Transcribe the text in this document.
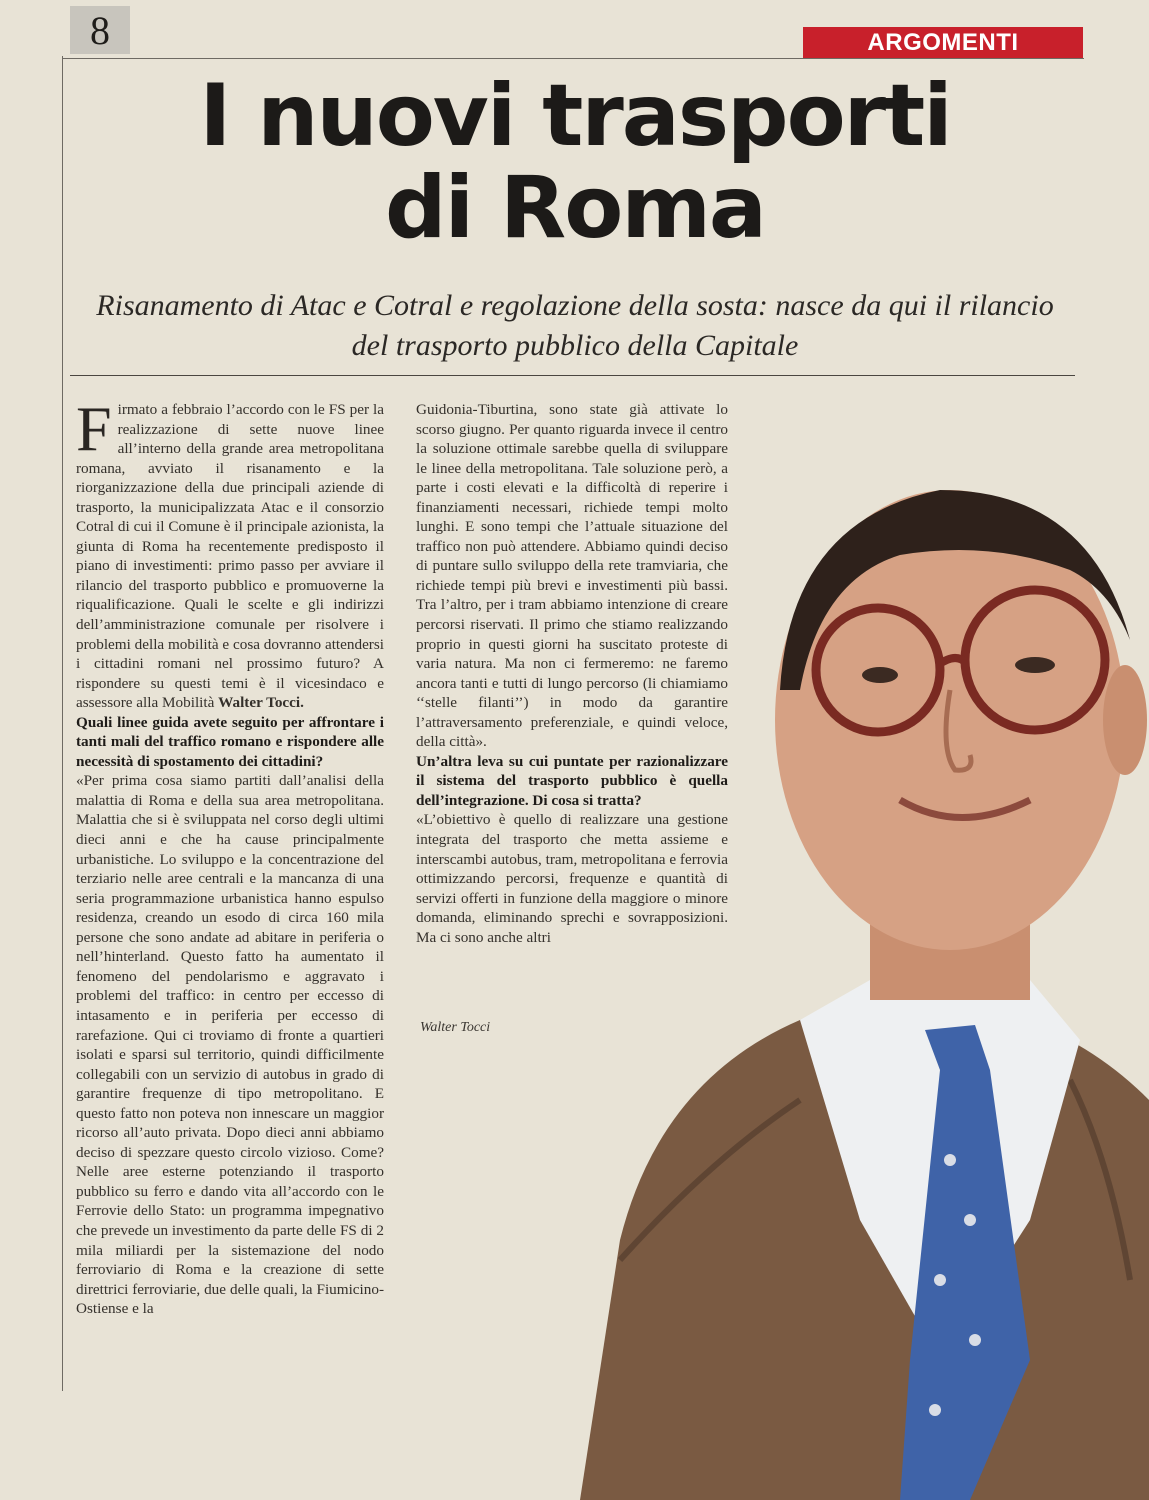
8	ARGOMENTI
I nuovi trasporti
di Roma
Risanamento di Atac e Cotral e regolazione della sosta: nasce da qui il rilancio
del trasporto pubblico della Capitale

Firmato a febbraio l’accordo con le FS per la realizzazione di sette nuove linee all’interno della grande area metropolitana romana, avviato il risanamento e la riorganizzazione della due principali aziende di trasporto, la municipalizzata Atac e il consorzio Cotral di cui il Comune è il principale azionista, la giunta di Roma ha recentemente predisposto il piano di investimenti: primo passo per avviare il rilancio del trasporto pubblico e promuoverne la riqualificazione. Quali le scelte e gli indirizzi dell’amministrazione comunale per risolvere i problemi della mobilità e cosa dovranno attendersi i cittadini romani nel prossimo futuro? A rispondere su questi temi è il vicesindaco e assessore alla Mobilità Walter Tocci.

Quali linee guida avete seguito per affrontare i tanti mali del traffico romano e rispondere alle necessità di spostamento dei cittadini?

«Per prima cosa siamo partiti dall’analisi della malattia di Roma e della sua area metropolitana. Malattia che si è sviluppata nel corso degli ultimi dieci anni e che ha cause principalmente urbanistiche. Lo sviluppo e la concentrazione del terziario nelle aree centrali e la mancanza di una seria programmazione urbanistica hanno espulso residenza, creando un esodo di circa 160 mila persone che sono andate ad abitare in periferia o nell’hinterland. Questo fatto ha aumentato il fenomeno del pendolarismo e aggravato i problemi del traffico: in centro per eccesso di intasamento e in periferia per eccesso di rarefazione. Qui ci troviamo di fronte a quartieri isolati e sparsi sul territorio, quindi difficilmente collegabili con un servizio di autobus in grado di garantire frequenze di tipo metropolitano. E questo fatto non poteva non innescare un maggior ricorso all’auto privata. Dopo dieci anni abbiamo deciso di spezzare questo circolo vizioso. Come? Nelle aree esterne potenziando il trasporto pubblico su ferro e dando vita all’accordo con le Ferrovie dello Stato: un programma impegnativo che prevede un investimento da parte delle FS di 2 mila miliardi per la sistemazione del nodo ferroviario di Roma e la creazione di sette direttrici ferroviarie, due delle quali, la Fiumicino-Ostiense e la

Guidonia-Tiburtina, sono state già attivate lo scorso giugno. Per quanto riguarda invece il centro la soluzione ottimale sarebbe quella di sviluppare le linee della metropolitana. Tale soluzione però, a parte i costi elevati e la difficoltà di reperire i finanziamenti necessari, richiede tempi molto lunghi. E sono tempi che l’attuale situazione del traffico non può attendere. Abbiamo quindi deciso di puntare sullo sviluppo della rete tramviaria, che richiede tempi più brevi e investimenti più bassi. Tra l’altro, per i tram abbiamo intenzione di creare percorsi riservati. Il primo che stiamo realizzando proprio in questi giorni ha suscitato proteste di varia natura. Ma non ci fermeremo: ne faremo ancora tanti e tutti di lungo percorso (li chiamiamo ‘‘stelle filanti’’) in modo da garantire l’attraversamento preferenziale, e quindi veloce, della città».

Un’altra leva su cui puntate per razionalizzare il sistema del trasporto pubblico è quella dell’integrazione. Di cosa si tratta?

«L’obiettivo è quello di realizzare una gestione integrata del trasporto che metta assieme e interscambi autobus, tram, metropolitana e ferrovia ottimizzando percorsi, frequenze e quantità di servizi offerti in funzione della maggiore o minore domanda, eliminando sprechi e sovrapposizioni. Ma ci sono anche altri

Walter Tocci
